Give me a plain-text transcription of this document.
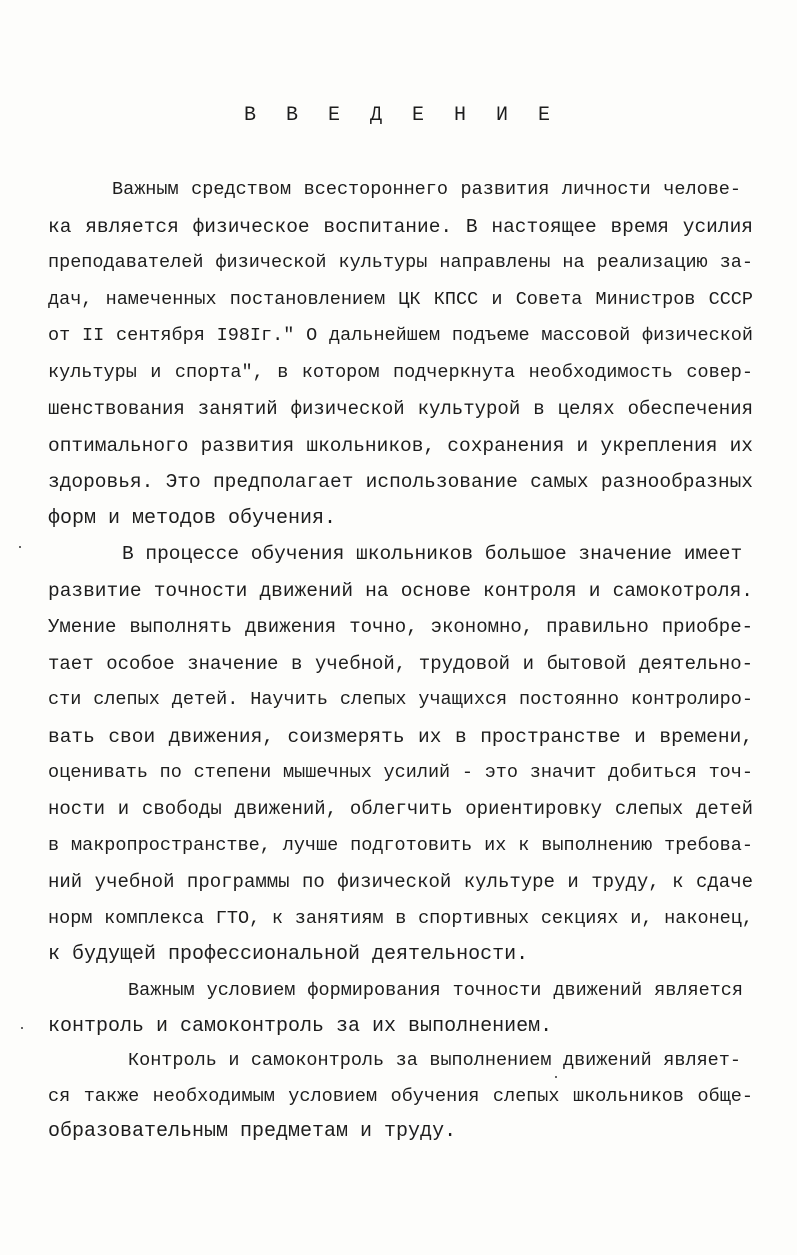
В В Е Д Е Н И Е
Важным средством всестороннего развития личности челове-
ка является физическое воспитание. В настоящее время усилия
преподавателей физической культуры направлены на реализацию за-
дач, намеченных постановлением ЦК КПСС и Совета Министров СССР
от II сентября I98Iг." О дальнейшем подъеме массовой физической
культуры и спорта", в котором подчеркнута необходимость совер-
шенствования занятий физической культурой в целях обеспечения
оптимального развития школьников, сохранения и укрепления их
здоровья. Это предполагает использование самых разнообразных
форм и методов обучения.
В процессе обучения школьников большое значение имеет
развитие точности движений на основе контроля и самокотроля.
Умение выполнять движения точно, экономно, правильно приобре-
тает особое значение в учебной, трудовой и бытовой деятельно-
сти слепых детей. Научить слепых учащихся постоянно контролиро-
вать свои движения, соизмерять их в пространстве и времени,
оценивать по степени мышечных усилий - это значит добиться точ-
ности и свободы движений, облегчить ориентировку слепых детей
в макропространстве, лучше подготовить их к выполнению требова-
ний учебной программы по физической культуре и труду, к сдаче
норм комплекса ГТО, к занятиям в спортивных секциях и, наконец,
к будущей профессиональной деятельности.
Важным условием формирования точности движений является
контроль и самоконтроль за их выполнением.
Контроль и самоконтроль за выполнением движений являет-
ся также необходимым условием обучения слепых школьников обще-
образовательным предметам и труду.
